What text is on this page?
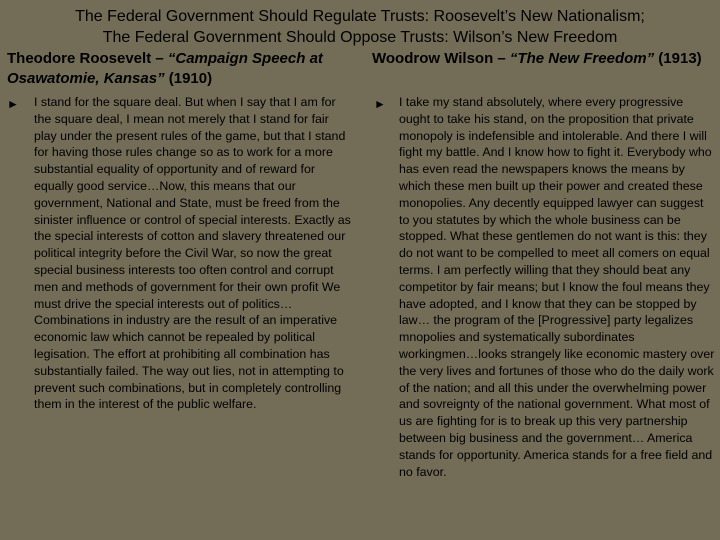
The Federal Government Should Regulate Trusts: Roosevelt’s New Nationalism;
The Federal Government Should Oppose Trusts: Wilson’s New Freedom
Theodore Roosevelt – “Campaign Speech at Osawatomie, Kansas” (1910)
Woodrow Wilson – “The New Freedom” (1913)
► I stand for the square deal. But when I say that I am for the square deal, I mean not merely that I stand for fair play under the present rules of the game, but that I stand for having those rules change so as to work for a more substantial equality of opportunity and of reward for equally good service…Now, this means that our government, National and State, must be freed from the sinister influence or control of special interests. Exactly as the special interests of cotton and slavery threatened our political integrity before the Civil War, so now the great special business interests too often control and corrupt men and methods of government for their own profit We must drive the special interests out of politics… Combinations in industry are the result of an imperative economic law which cannot be repealed by political legisation. The effort at prohibiting all combination has substantially failed. The way out lies, not in attempting to prevent such combinations, but in completely controlling them in the interest of the public welfare.

► I take my stand absolutely, where every progressive ought to take his stand, on the proposition that private monopoly is indefensible and intolerable. And there I will fight my battle. And I know how to fight it. Everybody who has even read the newspapers knows the means by which these men built up their power and created these monopolies. Any decently equipped lawyer can suggest to you statutes by which the whole business can be stopped. What these gentlemen do not want is this: they do not want to be compelled to meet all comers on equal terms. I am perfectly willing that they should beat any competitor by fair means; but I know the foul means they have adopted, and I know that they can be stopped by law… the program of the [Progressive] party legalizes mnopolies and systematically subordinates workingmen…looks strangely like economic mastery over the very lives and fortunes of those who do the daily work of the nation; and all this under the overwhelming power and sovreignty of the national government. What most of us are fighting for is to break up this very partnership between big business and the government… America stands for opportunity. America stands for a free field and no favor.
